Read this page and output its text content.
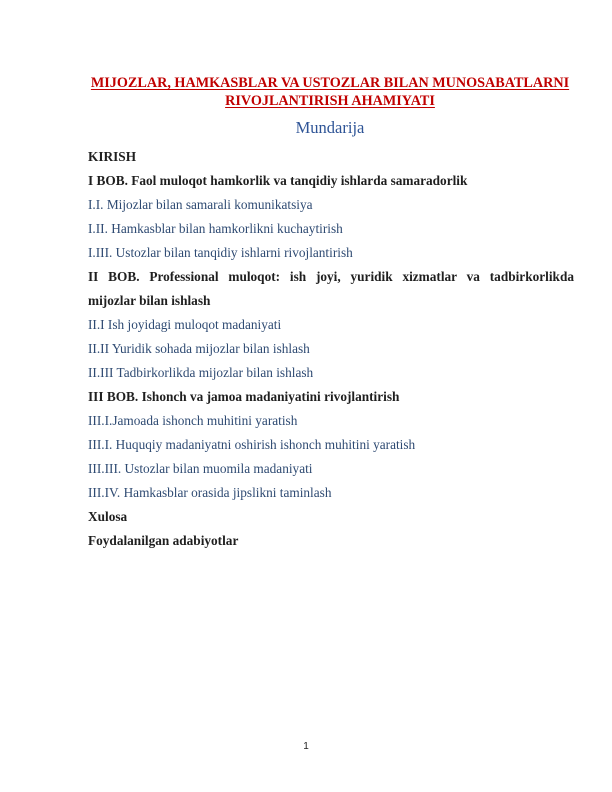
MIJOZLAR, HAMKASBLAR VA USTOZLAR BILAN MUNOSABATLARNI
RIVOJLANTIRISH AHAMIYATI
Mundarija
KIRISH
I BOB. Faol muloqot hamkorlik va tanqidiy ishlarda samaradorlik
I.I. Mijozlar bilan samarali komunikatsiya
I.II. Hamkasblar bilan hamkorlikni kuchaytirish
I.III. Ustozlar bilan tanqidiy ishlarni rivojlantirish
II BOB. Professional muloqot: ish joyi, yuridik xizmatlar va tadbirkorlikda
mijozlar bilan ishlash
II.I Ish joyidagi muloqot madaniyati
II.II Yuridik sohada mijozlar bilan ishlash
II.III Tadbirkorlikda mijozlar bilan ishlash
III BOB. Ishonch va jamoa madaniyatini rivojlantirish
III.I.Jamoada ishonch muhitini yaratish
III.I. Huquqiy madaniyatni oshirish ishonch muhitini yaratish
III.III. Ustozlar bilan muomila madaniyati
III.IV. Hamkasblar orasida jipslikni taminlash
Xulosa
Foydalanilgan adabiyotlar
1
